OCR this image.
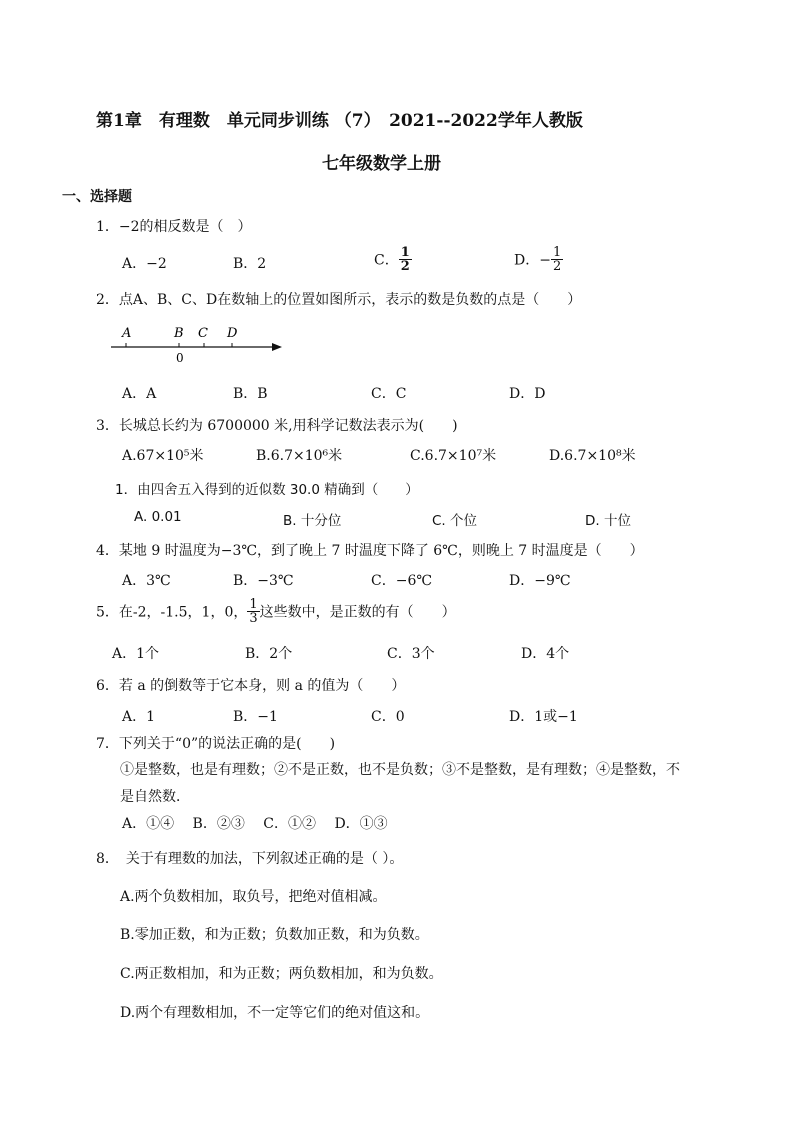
第1章　有理数　单元同步训练 （7）　2021--2022学年人教版
七年级数学上册
一、选择题
1．−2的相反数是（　）
A．−2	B．2	C． $\frac{1}{2}$	D．− $\frac{1}{2}$
2．点A、B、C、D在数轴上的位置如图所示，表示的数是负数的点是（　　）
A	B C D
0
A．A	B．B	C．C	D．D
3．长城总长约为 6700000 米,用科学记数法表示为(　　)
A.67×10⁵米	B.6.7×10⁶米	C.6.7×10⁷米	D.6.7×10⁸米
1．由四舍五入得到的近似数 30.0 精确到（　　）
A. 0.01	B. 十分位	C. 个位	D. 十位
4．某地 9 时温度为−3℃，到了晚上 7 时温度下降了 6℃，则晚上 7 时温度是（　　）
A．3℃	B．−3℃	C．−6℃	D．−9℃
5．在-2，-1.5，1，0， $\frac{1}{3}$ 这些数中，是正数的有（　　）
A．1个	B．2个	C．3个	D．4个
6．若 a 的倒数等于它本身，则 a 的值为（　　）
A．1	B．−1	C．0	D．1或−1
7．下列关于“0”的说法正确的是(　　)
①是整数，也是有理数；②不是正数，也不是负数；③不是整数，是有理数；④是整数，不
是自然数．
A．①④　 B．②③　 C．①②　 D．①③
8．　关于有理数的加法，下列叙述正确的是（ ）。
A.两个负数相加，取负号，把绝对值相减。
B.零加正数，和为正数；负数加正数，和为负数。
C.两正数相加，和为正数；两负数相加，和为负数。
D.两个有理数相加，不一定等它们的绝对值这和。
